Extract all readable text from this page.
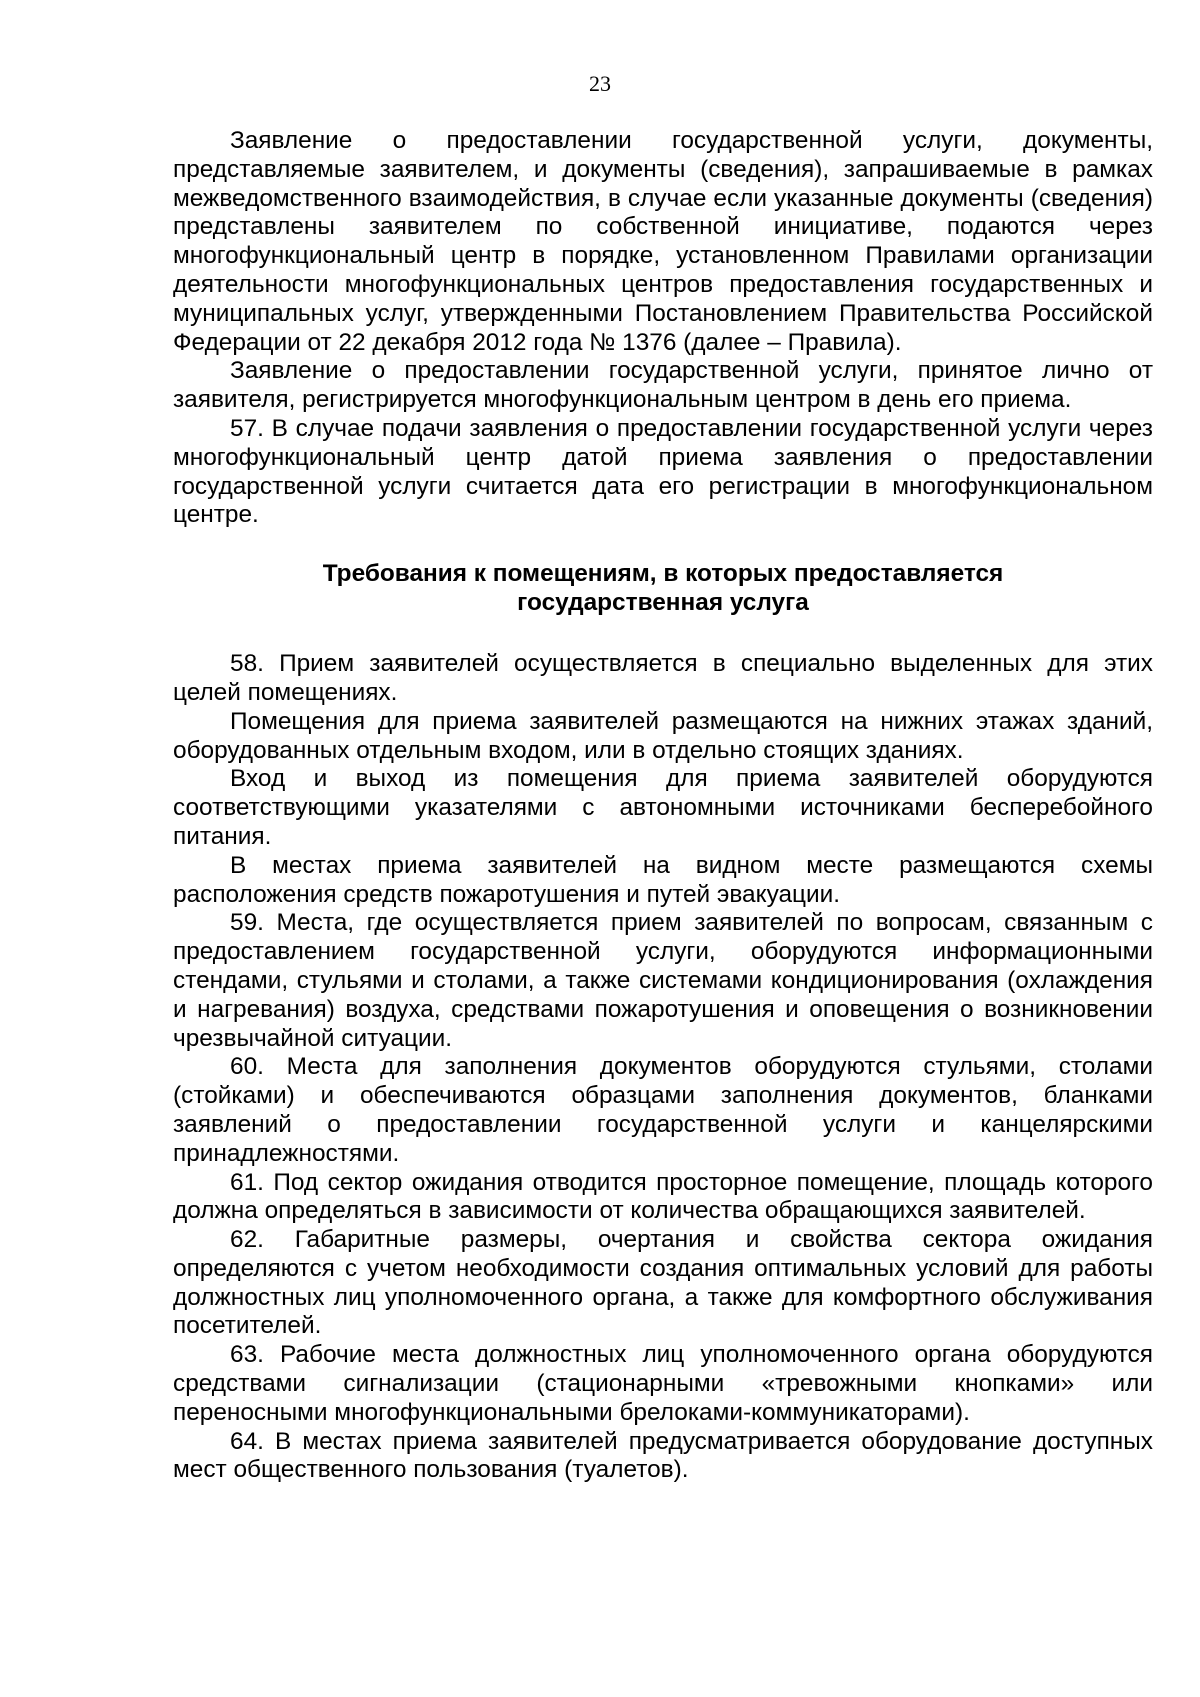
23

Заявление о предоставлении государственной услуги, документы, представляемые заявителем, и документы (сведения), запрашиваемые в рамках межведомственного взаимодействия, в случае если указанные документы (сведения) представлены заявителем по собственной инициативе, подаются через многофункциональный центр в порядке, установленном Правилами организации деятельности многофункциональных центров предоставления государственных и муниципальных услуг, утвержденными Постановлением Правительства Российской Федерации от 22 декабря 2012 года № 1376 (далее – Правила).

Заявление о предоставлении государственной услуги, принятое лично от заявителя, регистрируется многофункциональным центром в день его приема.

57. В случае подачи заявления о предоставлении государственной услуги через многофункциональный центр датой приема заявления о предоставлении государственной услуги считается дата его регистрации в многофункциональном центре.

Требования к помещениям, в которых предоставляется
государственная услуга

58. Прием заявителей осуществляется в специально выделенных для этих целей помещениях.

Помещения для приема заявителей размещаются на нижних этажах зданий, оборудованных отдельным входом, или в отдельно стоящих зданиях.

Вход и выход из помещения для приема заявителей оборудуются соответствующими указателями с автономными источниками бесперебойного питания.

В местах приема заявителей на видном месте размещаются схемы расположения средств пожаротушения и путей эвакуации.

59. Места, где осуществляется прием заявителей по вопросам, связанным с предоставлением государственной услуги, оборудуются информационными стендами, стульями и столами, а также системами кондиционирования (охлаждения и нагревания) воздуха, средствами пожаротушения и оповещения о возникновении чрезвычайной ситуации.

60. Места для заполнения документов оборудуются стульями, столами (стойками) и обеспечиваются образцами заполнения документов, бланками заявлений о предоставлении государственной услуги и канцелярскими принадлежностями.

61. Под сектор ожидания отводится просторное помещение, площадь которого должна определяться в зависимости от количества обращающихся заявителей.

62. Габаритные размеры, очертания и свойства сектора ожидания определяются с учетом необходимости создания оптимальных условий для работы должностных лиц уполномоченного органа, а также для комфортного обслуживания посетителей.

63. Рабочие места должностных лиц уполномоченного органа оборудуются средствами сигнализации (стационарными «тревожными кнопками» или переносными многофункциональными брелоками-коммуникаторами).

64. В местах приема заявителей предусматривается оборудование доступных мест общественного пользования (туалетов).
